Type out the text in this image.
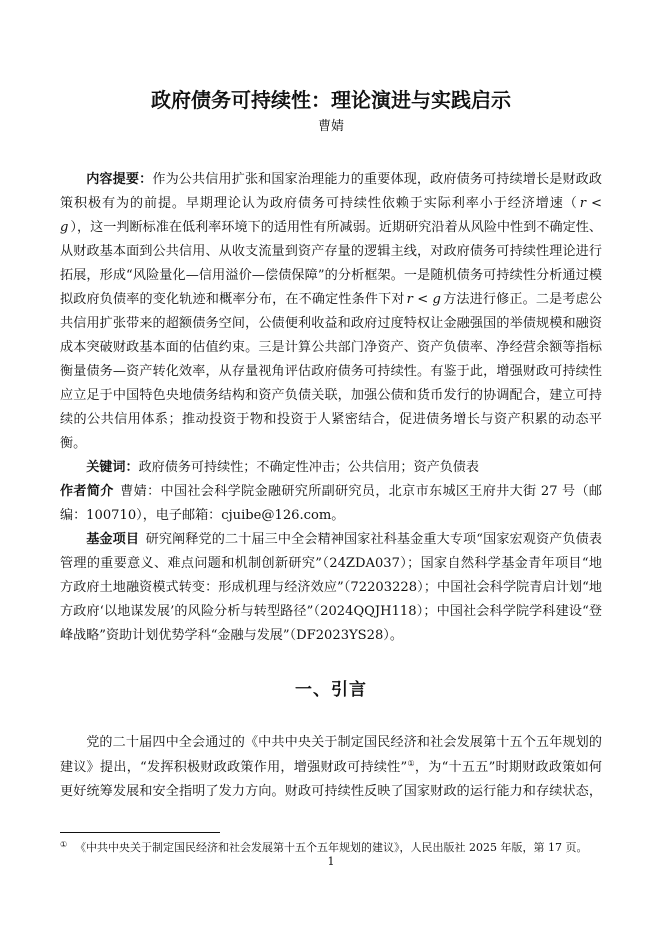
政府债务可持续性：理论演进与实践启示
曹婧

内容提要：作为公共信用扩张和国家治理能力的重要体现，政府债务可持续增长是财政政策积极有为的前提。早期理论认为政府债务可持续性依赖于实际利率小于经济增速（ r < g ），这一判断标准在低利率环境下的适用性有所减弱。近期研究沿着从风险中性到不确定性、从财政基本面到公共信用、从收支流量到资产存量的逻辑主线，对政府债务可持续性理论进行拓展，形成“风险量化—信用溢价—偿债保障”的分析框架。一是随机债务可持续性分析通过模拟政府负债率的变化轨迹和概率分布，在不确定性条件下对 r < g 方法进行修正。二是考虑公共信用扩张带来的超额债务空间，公债便利收益和政府过度特权让金融强国的举债规模和融资成本突破财政基本面的估值约束。三是计算公共部门净资产、资产负债率、净经营余额等指标衡量债务—资产转化效率，从存量视角评估政府债务可持续性。有鉴于此，增强财政可持续性应立足于中国特色央地债务结构和资产负债关联，加强公债和货币发行的协调配合，建立可持续的公共信用体系；推动投资于物和投资于人紧密结合，促进债务增长与资产积累的动态平衡。

关键词：政府债务可持续性；不确定性冲击；公共信用；资产负债表

作者简介 曹婧：中国社会科学院金融研究所副研究员，北京市东城区王府井大街 27 号（邮编：100710），电子邮箱：cjuibe@126.com。

基金项目 研究阐释党的二十届三中全会精神国家社科基金重大专项“国家宏观资产负债表管理的重要意义、难点问题和机制创新研究”（24ZDA037）；国家自然科学基金青年项目“地方政府土地融资模式转变：形成机理与经济效应”（72203228）；中国社会科学院青启计划“地方政府‘以地谋发展’的风险分析与转型路径”（2024QQJH118）；中国社会科学院学科建设“登峰战略”资助计划优势学科“金融与发展”（DF2023YS28）。

一、引言

党的二十届四中全会通过的《中共中央关于制定国民经济和社会发展第十五个五年规划的建议》提出，“发挥积极财政政策作用，增强财政可持续性”①，为“十五五”时期财政政策如何更好统筹发展和安全指明了发力方向。财政可持续性反映了国家财政的运行能力和存续状态，

① 《中共中央关于制定国民经济和社会发展第十五个五年规划的建议》，人民出版社 2025 年版，第 17 页。
1
